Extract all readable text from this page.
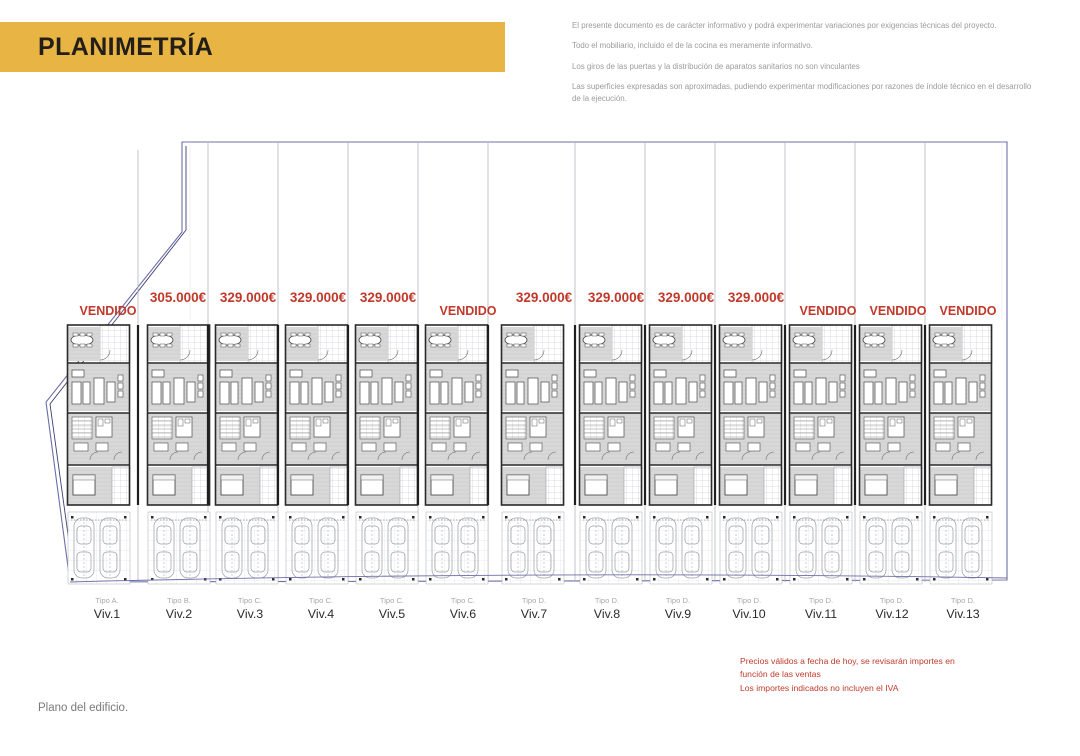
PLANIMETRÍA

El presente documento es de carácter informativo y podrá experimentar variaciones por exigencias técnicas del proyecto.

Todo el mobiliario, incluido el de la cocina es meramente informativo.

Los giros de las puertas y la distribución de aparatos sanitarios no son vinculantes

Las superficies expresadas son aproximadas, pudiendo experimentar modificaciones por razones de índole técnico en el desarrollo de la ejecución.

VENDIDO
305.000€	329.000€	329.000€	329.000€
VENDIDO
329.000€	329.000€	329.000€	329.000€
VENDIDO	VENDIDO	VENDIDO
Tipo A.
Viv.1
Tipo B.
Viv.2
Tipo C.
Viv.3
Tipo C.
Viv.4
Tipo C.
Viv.5
Tipo C.
Viv.6
Tipo D.
Viv.7
Tipo D.
Viv.8
Tipo D.
Viv.9
Tipo D.
Viv.10
Tipo D.
Viv.11
Tipo D.
Viv.12
Tipo D.
Viv.13
Precios válidos a fecha de hoy, se revisarán importes en
función de las ventas
Los importes indicados no incluyen el IVA
Plano del edificio.
